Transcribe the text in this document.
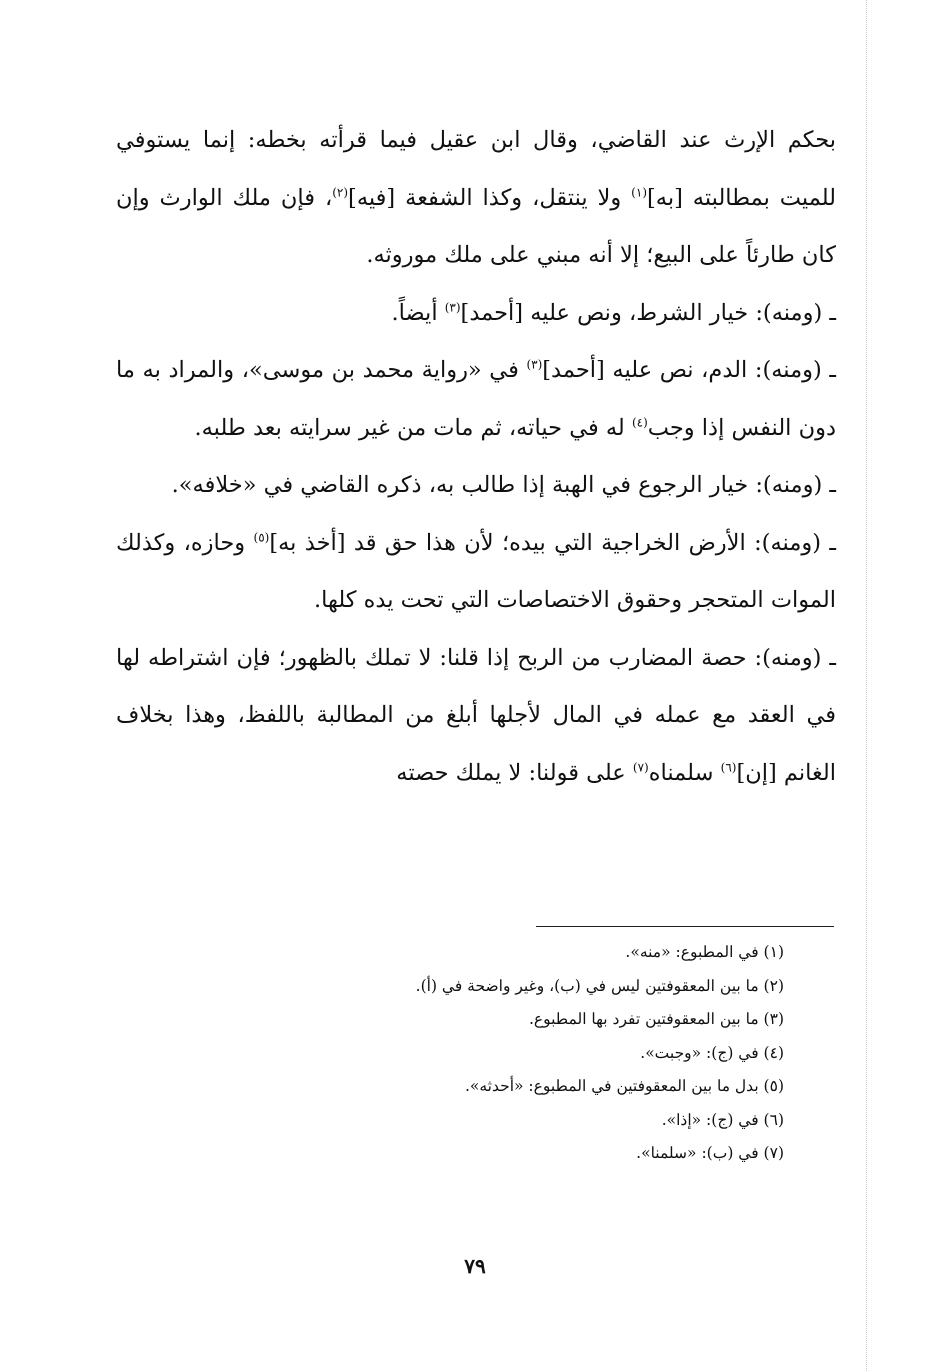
بحكم الإرث عند القاضي، وقال ابن عقيل فيما قرأته بخطه: إنما يستوفي للميت بمطالبته [به]$^{(١)}$ ولا ينتقل، وكذا الشفعة [فيه]$^{(٢)}$، فإن ملك الوارث وإن كان طارئاً على البيع؛ إلا أنه مبني على ملك موروثه.

ـ (ومنه): خيار الشرط، ونص عليه [أحمد]$^{(٣)}$ أيضاً.

ـ (ومنه): الدم، نص عليه [أحمد]$^{(٣)}$ في «رواية محمد بن موسى»، والمراد به ما دون النفس إذا وجب$^{(٤)}$ له في حياته، ثم مات من غير سرايته بعد طلبه.

ـ (ومنه): خيار الرجوع في الهبة إذا طالب به، ذكره القاضي في «خلافه».

ـ (ومنه): الأرض الخراجية التي بيده؛ لأن هذا حق قد [أخذ به]$^{(٥)}$ وحازه، وكذلك الموات المتحجر وحقوق الاختصاصات التي تحت يده كلها.

ـ (ومنه): حصة المضارب من الربح إذا قلنا: لا تملك بالظهور؛ فإن اشتراطه لها في العقد مع عمله في المال لأجلها أبلغ من المطالبة باللفظ، وهذا بخلاف الغانم [إن]$^{(٦)}$ سلمناه$^{(٧)}$ على قولنا: لا يملك حصته

(١) في المطبوع: «منه».

(٢) ما بين المعقوفتين ليس في (ب)، وغير واضحة في (أ).

(٣) ما بين المعقوفتين تفرد بها المطبوع.

(٤) في (ج): «وجبت».

(٥) بدل ما بين المعقوفتين في المطبوع: «أحدثه».

(٦) في (ج): «إذا».

(٧) في (ب): «سلمنا».

٧٩
